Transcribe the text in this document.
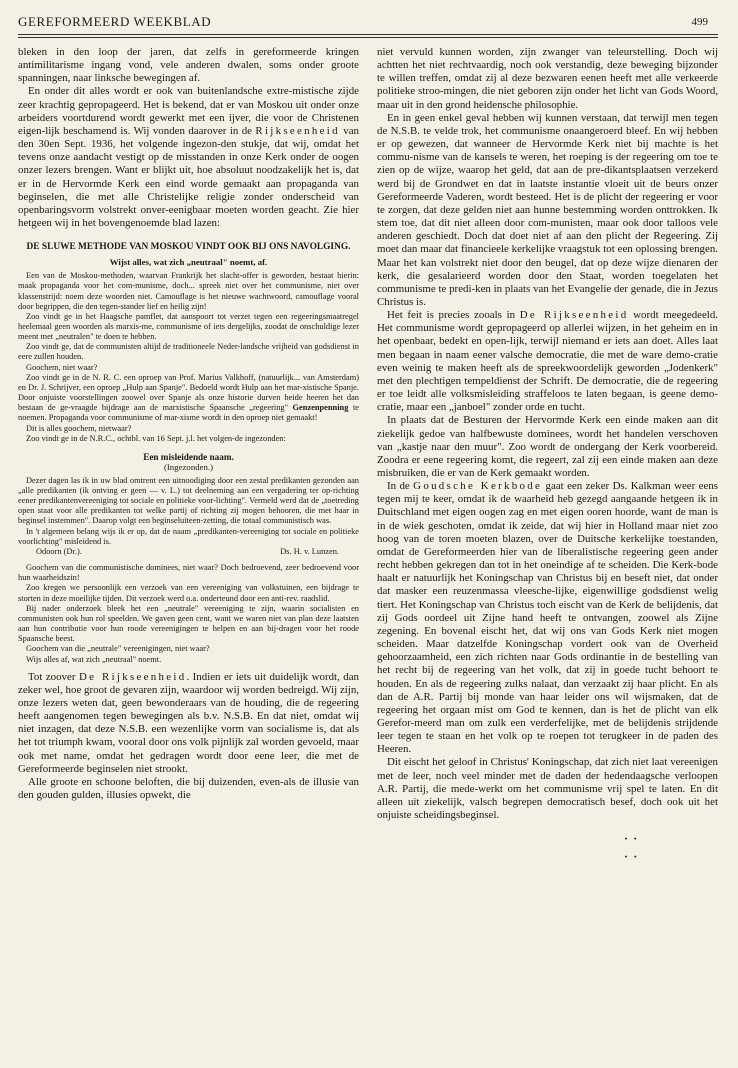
GEREFORMEERD WEEKBLAD	499

bleken in den loop der jaren, dat zelfs in gereformeerde kringen antimilitarisme ingang vond, vele anderen dwalen, soms onder groote spanningen, naar linksche bewegingen af.

En onder dit alles wordt er ook van buitenlandsche extre-mistische zijde zeer krachtig gepropageerd. Het is bekend, dat er van Moskou uit onder onze arbeiders voortdurend wordt gewerkt met een ijver, die voor de Christenen eigen-lijk beschamend is. Wij vonden daarover in de Rijkseenheid van den 30en Sept. 1936, het volgende ingezon-den stukje, dat wij, omdat het tevens onze aandacht vestigt op de misstanden in onze Kerk onder de oogen onzer lezers brengen. Want er blijkt uit, hoe absoluut noodzakelijk het is, dat er in de Hervormde Kerk een eind worde gemaakt aan propaganda van beginselen, die met alle Christelijke religie zonder onderscheid van openbaringsvorm volstrekt onver-eenigbaar moeten worden geacht. Zie hier hetgeen wij in het bovengenoemde blad lazen:

DE SLUWE METHODE VAN MOSKOU VINDT OOK BIJ ONS NAVOLGING.
Wijst alles, wat zich „neutraal" noemt, af.

Een van de Moskou-methoden, waarvan Frankrijk het slacht-offer is geworden, bestaat hierin: maak propaganda voor het com-munisme, doch... spreek niet over het communisme, niet over klassenstrijd: noem deze woorden niet. Camouflage is het nieuwe wachtwoord, camouflage vooral door begrippen, die den tegen-stander lief en heilig zijn!

Zoo vindt ge in het Haagsche pamflet, dat aanspoort tot verzet tegen een regeeringsmaatregel heelemaal geen woorden als marxis-me, communisme of iets dergelijks, zoodat de onschuldige lezer meent met „neutralen" te doen te hebben.

Zoo vindt ge, dat de communisten altijd de traditioneele Neder-landsche vrijheid van godsdienst in eere zullen houden.

Goochem, niet waar?

Zoo vindt ge in de N. R. C. een oproep van Prof. Marius Valkhoff, (natuurlijk... van Amsterdam) en Dr. J. Schrijver, een oproep „Hulp aan Spanje". Bedoeld wordt Hulp aan het mar-xistische Spanje. Door onjuiste voorstellingen zoowel over Spanje als onze historie durven beide heeren het dan bestaan de ge-vraagde bijdrage aan de marxistische Spaansche „regeering" Genzenpenning te noemen. Propaganda voor communisme of mar-xisme wordt in den oproep niet gemaakt!

Dit is alles goochem, nietwaar?

Zoo vindt ge in de N.R.C., ochtbl. van 16 Sept. j.l. het volgen-de ingezonden:

Een misleidende naam.
(Ingezonden.)

Dezer dagen las ik in uw blad omtrent een uitnoodiging door een zestal predikanten gezonden aan „alle predikanten (ik ontving er geen — v. L.) tot deelneming aan een vergadering ter op-richting eener predikantenvereeniging tot sociale en politieke voor-lichting". Vermeld werd dat de „toetreding open staat voor alle predikanten tot welke partij of richting zij mogen behooren, die met haar in beginsel instemmen". Daarop volgt een beginseluiteen-zetting, die totaal communistisch was.

In 't algemeen belang wijs ik er op, dat de naam „predikanten-vereeniging tot sociale en politieke voorlichting" misleidend is.

Odoorn (Dr.).	Ds. H. v. Lunzen.

Goochem van die communistische dominees, niet waar? Doch bedroevend, zeer bedroevend voor hun waarheidszin!

Zoo kregen we persoonlijk een verzoek van een vereeniging van volkstuinen, een bijdrage te storten in deze moeilijke tijden. Dit verzoek werd o.a. onderteund door een anti-rev. raadslid.

Bij nader onderzoek bleek het een „neutrale" vereeniging te zijn, waarin socialisten en communisten ook hun rol speelden. We gaven geen cent, want we waren niet van plan deze laatsten aan hun contributie voor hun roode vereenigingen te helpen en aan bij-dragen voor het roode Spaansche beest.

Goochem van die „neutrale" vereenigingen, niet waar?

Wijs alles af, wat zich „neutraal" noemt.

Tot zoover De Rijkseenheid. Indien er iets uit duidelijk wordt, dan zeker wel, hoe groot de gevaren zijn, waardoor wij worden bedreigd. Wij zijn, onze lezers weten dat, geen bewonderaars van de houding, die de regeering heeft aangenomen tegen bewegingen als b.v. N.S.B. En dat niet, omdat wij niet inzagen, dat deze N.S.B. een wezenlijke vorm van socialisme is, dat als het tot triumph kwam, vooral door ons volk pijnlijk zal worden gevoeld, maar ook met name, omdat het gedragen wordt door eene leer, die met de Gereformeerde beginselen niet strookt.

Alle groote en schoone beloften, die bij duizenden, even-als de illusie van den gouden gulden, illusies opwekt, die

niet vervuld kunnen worden, zijn zwanger van teleurstelling. Doch wij achtten het niet rechtvaardig, noch ook verstandig, deze beweging bijzonder te willen treffen, omdat zij al deze bezwaren eenen heeft met alle verkeerde politieke stroo-mingen, die niet geboren zijn onder het licht van Gods Woord, maar uit in den grond heidensche philosophie.

En in geen enkel geval hebben wij kunnen verstaan, dat terwijl men tegen de N.S.B. te velde trok, het communisme onaangeroerd bleef. En wij hebben er op gewezen, dat wanneer de Hervormde Kerk niet bij machte is het commu-nisme van de kansels te weren, het roeping is der regeering om toe te zien op de wijze, waarop het geld, dat aan de pre-dikantsplaatsen verzekerd werd bij de Grondwet en dat in laatste instantie vloeit uit de beurs onzer Gereformeerde Vaderen, wordt besteed. Het is de plicht der regeering er voor te zorgen, dat deze gelden niet aan hunne bestemming worden onttrokken. Ik stem toe, dat dit niet alleen door com-munisten, maar ook door talloos vele anderen geschiedt. Doch dat doet niet af aan den plicht der Regeering. Zij moet dan maar dat financieele kerkelijke vraagstuk tot een oplossing brengen. Maar het kan volstrekt niet door den beugel, dat op deze wijze dienaren der kerk, die gesalarieerd worden door den Staat, worden toegelaten het communisme te predi-ken in plaats van het Evangelie der genade, die in Jezus Christus is.

Het feit is precies zooals in De Rijkseenheid wordt meegedeeld. Het communisme wordt gepropageerd op allerlei wijzen, in het geheim en in het openbaar, bedekt en open-lijk, terwijl niemand er iets aan doet. Alles laat men begaan in naam eener valsche democratie, die met de ware demo-cratie even weinig te maken heeft als de spreekwoordelijk geworden „Jodenkerk" met den plechtigen tempeldienst der Schrift. De democratie, die de regeering er toe leidt alle volksmisleiding straffeloos te laten begaan, is geene demo-cratie, maar een „janboel" zonder orde en tucht.

In plaats dat de Besturen der Hervormde Kerk een einde maken aan dit ziekelijk gedoe van halfbewuste dominees, wordt het handelen verschoven van „kastje naar den muur". Zoo wordt de ondergang der Kerk voorbereid. Zoodra er eene regeering komt, die regeert, zal zij een einde maken aan deze misbruiken, die er van de Kerk gemaakt worden.

In de Goudsche Kerkbode gaat een zeker Ds. Kalkman weer eens tegen mij te keer, omdat ik de waarheid heb gezegd aangaande hetgeen ik in Duitschland met eigen oogen zag en met eigen ooren hoorde, want de man is in de wiek geschoten, omdat ik zeide, dat wij hier in Holland maar niet zoo hoog van de toren moeten blazen, over de Duitsche kerkelijke toestanden, omdat de Gereformeerden hier van de liberalistische regeering geen ander recht hebben gekregen dan tot in het oneindige af te scheiden. Die Kerk-bode haalt er natuurlijk het Koningschap van Christus bij en beseft niet, dat onder dat masker een reuzenmassa vleesche-lijke, eigenwillige godsdienst welig tiert. Het Koningschap van Christus toch eischt van de Kerk de belijdenis, dat zij Gods oordeel uit Zijne hand heeft te ontvangen, zoowel als Zijne zegening. En bovenal eischt het, dat wij ons van Gods Kerk niet mogen scheiden. Maar datzelfde Koningschap vordert ook van de Overheid gehoorzaamheid, een zich richten naar Gods ordinantie in de bestelling van het recht bij de regeering van het volk, dat zij in goede tucht behoort te houden. En als de regeering zulks nalaat, dan verzaakt zij haar plicht. En als dan de A.R. Partij bij monde van haar leider ons wil wijsmaken, dat de regeering het orgaan mist om God te kennen, dan is het de plicht van elk Gerefor-meerd man om zulk een verderfelijke, met de belijdenis strijdende leer tegen te staan en het volk op te roepen tot terugkeer in de paden des Heeren.

Dit eischt het geloof in Christus' Koningschap, dat zich niet laat vereenigen met de leer, noch veel minder met de daden der hedendaagsche verloopen A.R. Partij, die mede-werkt om het communisme vrij spel te laten. En dit alleen uit ziekelijk, valsch begrepen democratisch besef, doch ook uit het onjuiste scheidingsbeginsel.

· ·
· ·
